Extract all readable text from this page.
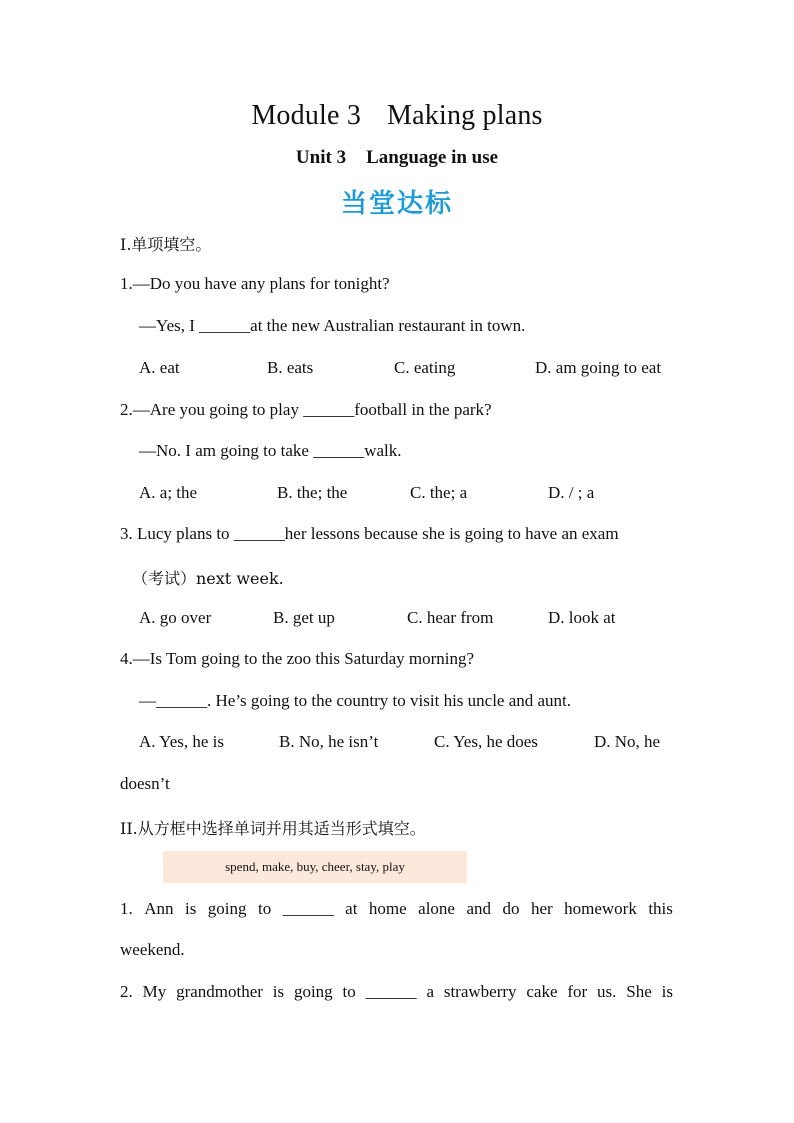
Module 3 Making plans
Unit 3 Language in use
当堂达标
I.单项填空。
1.—Do you have any plans for tonight?
—Yes, I ______at the new Australian restaurant in town.
A. eat	B. eats	C. eating	D. am going to eat
2.—Are you going to play ______football in the park?
—No. I am going to take ______walk.
A. a; the	B. the; the	C. the; a	D. / ; a
3. Lucy plans to ______her lessons because she is going to have an exam
（考试）next week.
A. go over	B. get up	C. hear from	D. look at
4.—Is Tom going to the zoo this Saturday morning?
—______. He’s going to the country to visit his uncle and aunt.
A. Yes, he is	B. No, he isn’t	C. Yes, he does	D. No, he
doesn’t
II.从方框中选择单词并用其适当形式填空。
spend, make, buy, cheer, stay, play
1. Ann is going to ______ at home alone and do her homework this
weekend.
2. My grandmother is going to ______ a strawberry cake for us. She is
